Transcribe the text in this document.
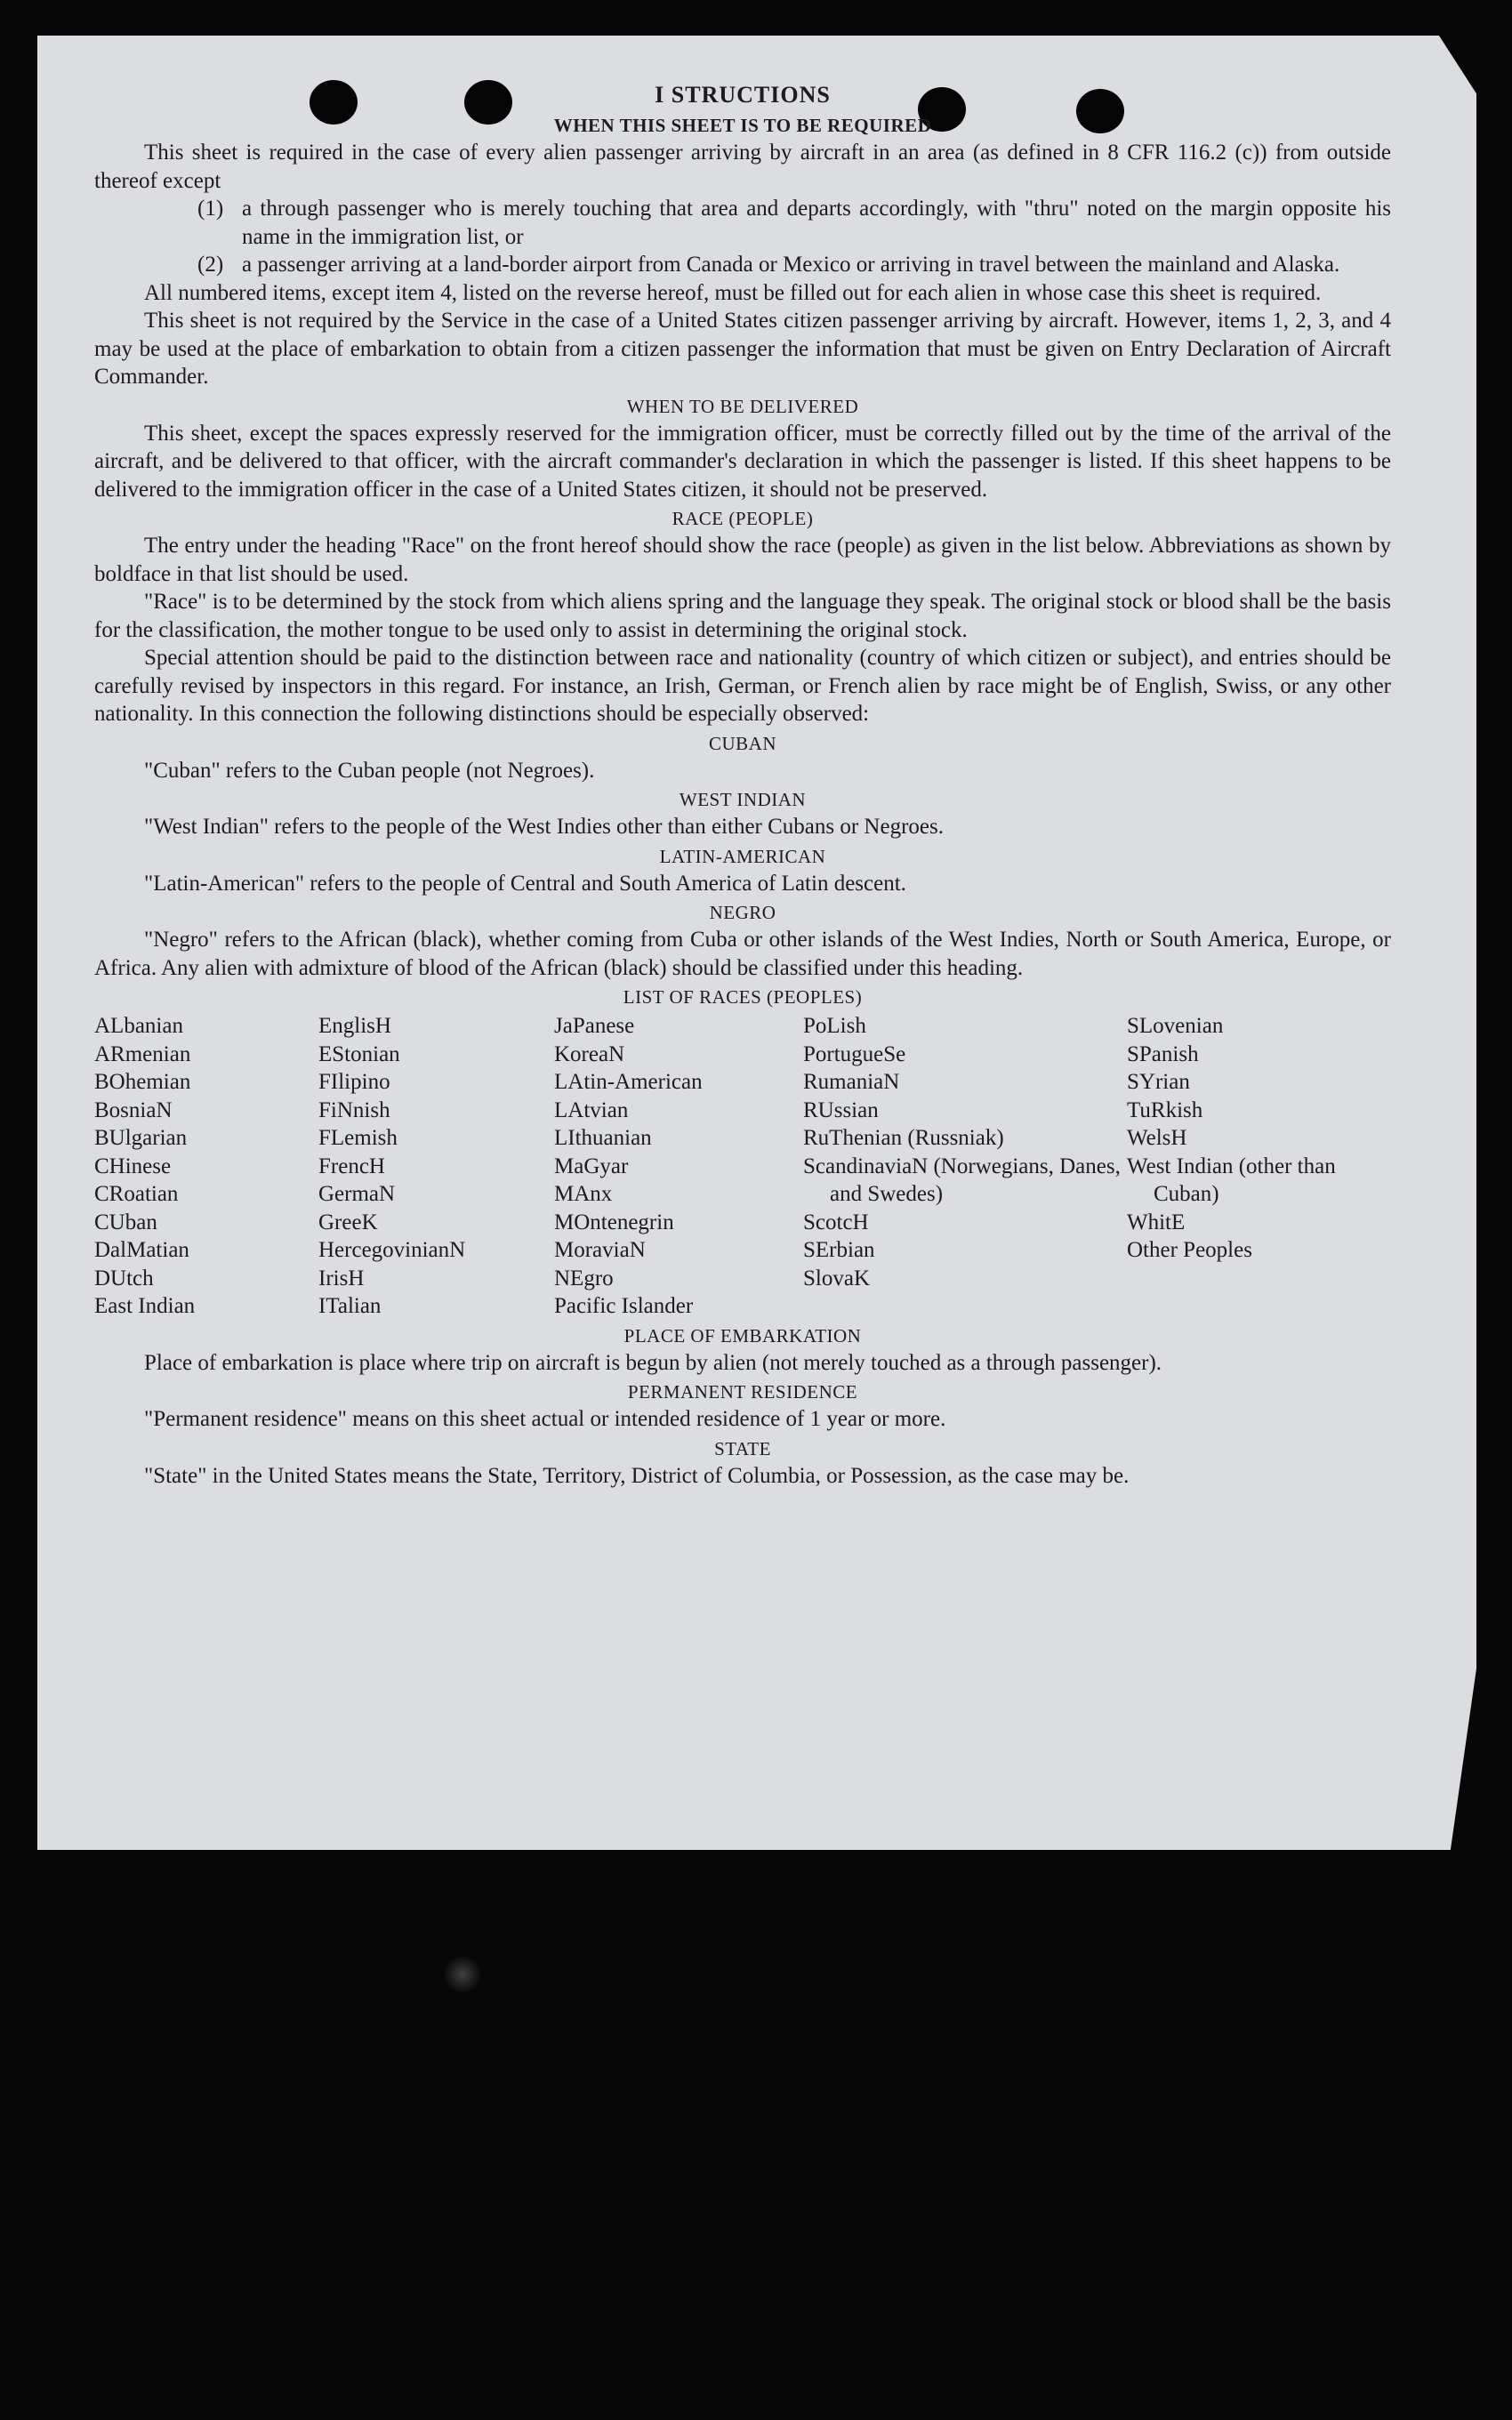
I STRUCTIONS
WHEN THIS SHEET IS TO BE REQUIRED

This sheet is required in the case of every alien passenger arriving by aircraft in an area (as defined in 8 CFR 116.2 (c)) from outside thereof except

(1) a through passenger who is merely touching that area and departs accordingly, with "thru" noted on the margin opposite his name in the immigration list, or
(2) a passenger arriving at a land-border airport from Canada or Mexico or arriving in travel between the mainland and Alaska.

All numbered items, except item 4, listed on the reverse hereof, must be filled out for each alien in whose case this sheet is required.

This sheet is not required by the Service in the case of a United States citizen passenger arriving by aircraft. However, items 1, 2, 3, and 4 may be used at the place of embarkation to obtain from a citizen passenger the information that must be given on Entry Declaration of Aircraft Commander.

WHEN TO BE DELIVERED

This sheet, except the spaces expressly reserved for the immigration officer, must be correctly filled out by the time of the arrival of the aircraft, and be delivered to that officer, with the aircraft commander's declaration in which the passenger is listed. If this sheet happens to be delivered to the immigration officer in the case of a United States citizen, it should not be preserved.

RACE (PEOPLE)

The entry under the heading "Race" on the front hereof should show the race (people) as given in the list below. Abbreviations as shown by boldface in that list should be used.

"Race" is to be determined by the stock from which aliens spring and the language they speak. The original stock or blood shall be the basis for the classification, the mother tongue to be used only to assist in determining the original stock.

Special attention should be paid to the distinction between race and nationality (country of which citizen or subject), and entries should be carefully revised by inspectors in this regard. For instance, an Irish, German, or French alien by race might be of English, Swiss, or any other nationality. In this connection the following distinctions should be especially observed:

CUBAN

"Cuban" refers to the Cuban people (not Negroes).

WEST INDIAN

"West Indian" refers to the people of the West Indies other than either Cubans or Negroes.

LATIN-AMERICAN

"Latin-American" refers to the people of Central and South America of Latin descent.

NEGRO

"Negro" refers to the African (black), whether coming from Cuba or other islands of the West Indies, North or South America, Europe, or Africa. Any alien with admixture of blood of the African (black) should be classified under this heading.

LIST OF RACES (PEOPLES)
ALbanian
ARmenian
BOhemian
BosniaN
BUlgarian
CHinese
CRoatian
CUban
DalMatian
DUtch
East Indian
EnglisH
EStonian
FIlipino
FiNnish
FLemish
FrencH
GermaN
GreeK
HercegovinianN
IrisH
ITalian
JaPanese
KoreaN
LAtin-American
LAtvian
LIthuanian
MaGyar
MAnx
MOntenegrin
MoraviaN
NEgro
Pacific Islander
PoLish
PortugueSe
RumaniaN
RUssian
RuThenian (Russniak)
ScandinaviaN (Norwegians, Danes, and Swedes)
ScotcH
SErbian
SlovaK
SLovenian
SPanish
SYrian
TuRkish
WelsH
West Indian (other than Cuban)
WhitE
Other Peoples
PLACE OF EMBARKATION

Place of embarkation is place where trip on aircraft is begun by alien (not merely touched as a through passenger).

PERMANENT RESIDENCE

"Permanent residence" means on this sheet actual or intended residence of 1 year or more.

STATE

"State" in the United States means the State, Territory, District of Columbia, or Possession, as the case may be.
